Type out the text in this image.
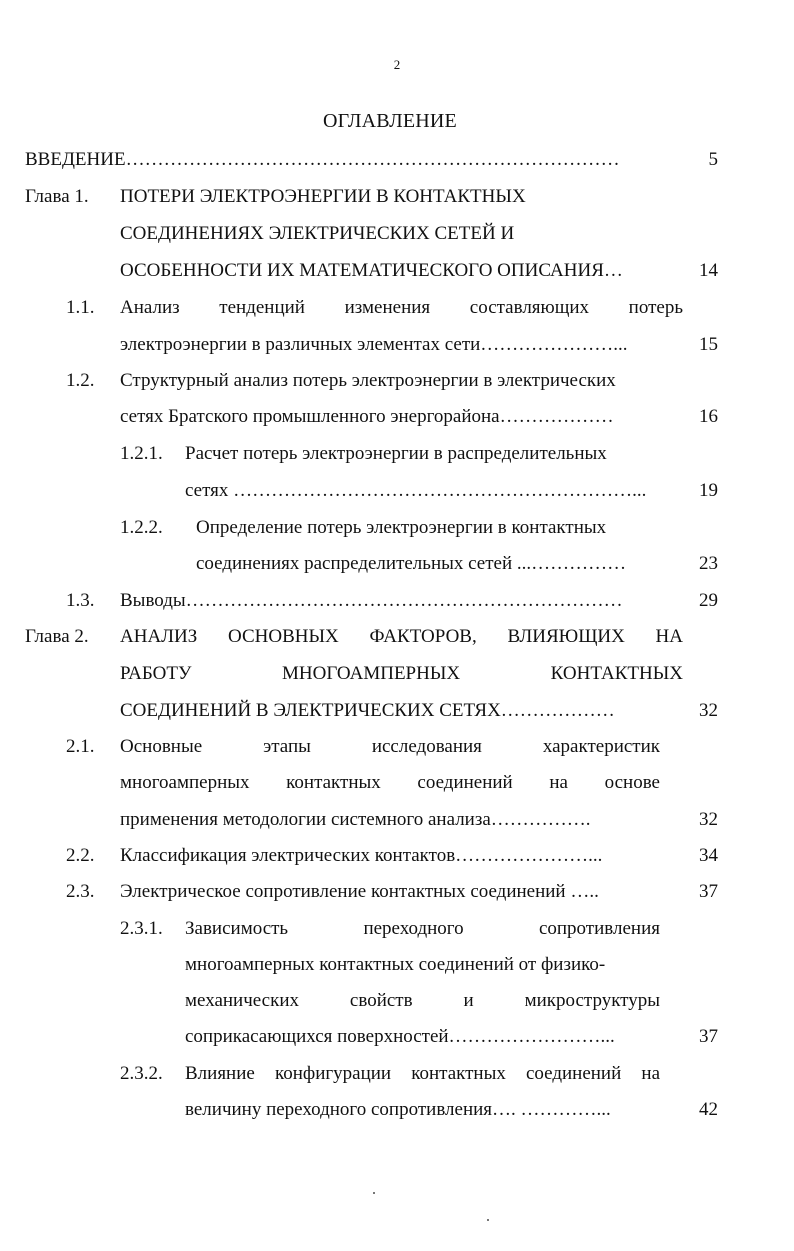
2
ОГЛАВЛЕНИЕ
ВВЕДЕНИЕ……………………………………………………………………	5
Глава 1. ПОТЕРИ ЭЛЕКТРОЭНЕРГИИ В КОНТАКТНЫХ
СОЕДИНЕНИЯХ ЭЛЕКТРИЧЕСКИХ СЕТЕЙ И
ОСОБЕННОСТИ ИХ МАТЕМАТИЧЕСКОГО ОПИСАНИЯ…	14
1.1. Анализ тенденций изменения составляющих потерь
электроэнергии в различных элементах сети…………………...	15
1.2. Структурный анализ потерь электроэнергии в электрических
сетях Братского промышленного энергорайона………………	16
1.2.1. Расчет потерь электроэнергии в распределительных
сетях ………………………………………………………...	19
1.2.2. Определение потерь электроэнергии в контактных
соединениях распределительных сетей ...……………	23
1.3. Выводы……………………………………………………………	29
Глава 2. АНАЛИЗ ОСНОВНЫХ ФАКТОРОВ, ВЛИЯЮЩИХ НА
РАБОТУ МНОГОАМПЕРНЫХ КОНТАКТНЫХ
СОЕДИНЕНИЙ В ЭЛЕКТРИЧЕСКИХ СЕТЯХ………………	32
2.1. Основные этапы исследования характеристик
многоамперных контактных соединений на основе
применения методологии системного анализа…………….	32
2.2. Классификация электрических контактов…………………...	34
2.3. Электрическое сопротивление контактных соединений …..	37
2.3.1. Зависимость переходного сопротивления
многоамперных контактных соединений от физико-
механических свойств и микроструктуры
соприкасающихся поверхностей……………………...	37
2.3.2. Влияние конфигурации контактных соединений на
величину переходного сопротивления…. …………...	42
